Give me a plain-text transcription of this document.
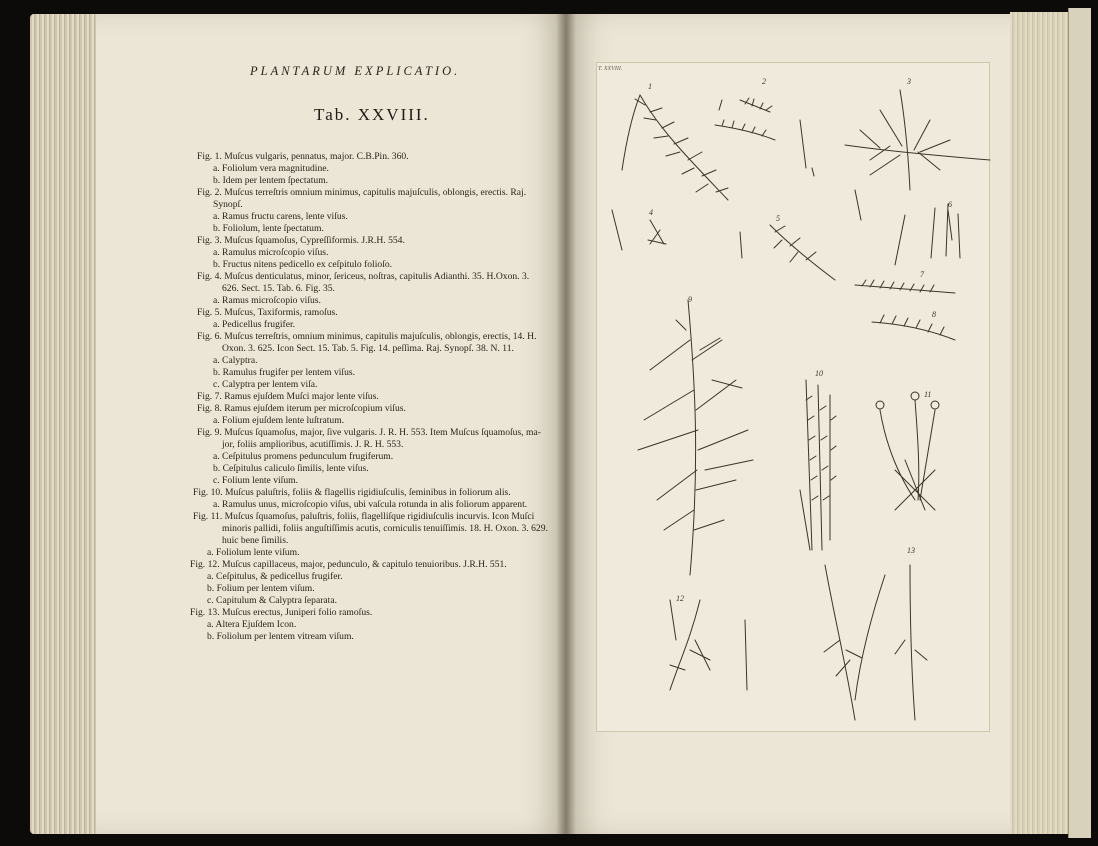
PLANTARUM EXPLICATIO.
Tab. XXVIII.
Fig. 1. Muſcus vulgaris, pennatus, major. C.B.Pin. 360.
a. Foliolum vera magnitudine.
b. Idem per lentem ſpectatum.
Fig. 2. Muſcus terreſtris omnium minimus, capitulis majuſculis, oblongis, erectis. Raj.
Synopſ.
a. Ramus fructu carens, lente viſus.
b. Foliolum, lente ſpectatum.
Fig. 3. Muſcus ſquamoſus, Cypreſſiformis. J.R.H. 554.
a. Ramulus microſcopio viſus.
b. Fructus nitens pedicello ex ceſpitulo folioſo.
Fig. 4. Muſcus denticulatus, minor, ſericeus, noſtras, capitulis Adianthi. 35. H.Oxon. 3.
626. Sect. 15. Tab. 6. Fig. 35.
a. Ramus microſcopio viſus.
Fig. 5. Muſcus, Taxiformis, ramoſus.
a. Pedicellus frugifer.
Fig. 6. Muſcus terreſtris, omnium minimus, capitulis majuſculis, oblongis, erectis, 14. H.
Oxon. 3. 625. Icon Sect. 15. Tab. 5. Fig. 14. peſſima. Raj. Synopſ. 38. N. 11.
a. Calyptra.
b. Ramulus frugifer per lentem viſus.
c. Calyptra per lentem viſa.
Fig. 7. Ramus ejuſdem Muſci major lente viſus.
Fig. 8. Ramus ejuſdem iterum per microſcopium viſus.
a. Folium ejuſdem lente luſtratum.
Fig. 9. Muſcus ſquamoſus, major, ſive vulgaris. J. R. H. 553. Item Muſcus ſquamoſus, ma-
jor, foliis amplioribus, acutiſſimis. J. R. H. 553.
a. Ceſpitulus promens pedunculum frugiferum.
b. Ceſpitulus caliculo ſimilis, lente viſus.
c. Folium lente viſum.
Fig. 10. Muſcus paluſtris, foliis & flagellis rigidiuſculis, ſeminibus in foliorum alis.
a. Ramulus unus, microſcopio viſus, ubi vaſcula rotunda in alis foliorum apparent.
Fig. 11. Muſcus ſquamoſus, paluſtris, foliis, flagelliſque rigidiuſculis incurvis. Icon Muſci
minoris pallidi, foliis anguſtiſſimis acutis, corniculis tenuiſſimis. 18. H. Oxon. 3. 629.
huic bene ſimilis.
a. Foliolum lente viſum.
Fig. 12. Muſcus capillaceus, major, pedunculo, & capitulo tenuioribus. J.R.H. 551.
a. Ceſpitulus, & pedicellus frugifer.
b. Folium per lentem viſum.
c. Capitulum & Calyptra ſeparata.
Fig. 13. Muſcus erectus, Juniperi folio ramoſus.
a. Altera Ejuſdem Icon.
b. Foliolum per lentem vitream viſum.
T. XXVIII.
1
2	3
4
5
6
7
8
9
10
11
12
13
